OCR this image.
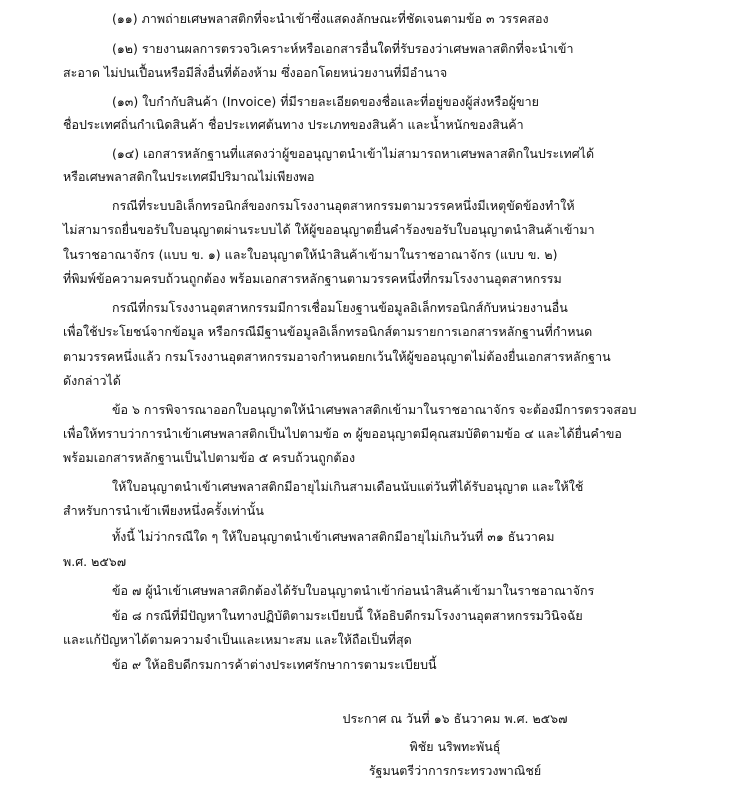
(๑๑) ภาพถ่ายเศษพลาสติกที่จะนำเข้าซึ่งแสดงลักษณะที่ชัดเจนตามข้อ ๓ วรรคสอง
(๑๒) รายงานผลการตรวจวิเคราะห์หรือเอกสารอื่นใดที่รับรองว่าเศษพลาสติกที่จะนำเข้า
สะอาด ไม่ปนเปื้อนหรือมีสิ่งอื่นที่ต้องห้าม ซึ่งออกโดยหน่วยงานที่มีอำนาจ
(๑๓) ใบกำกับสินค้า (Invoice) ที่มีรายละเอียดของชื่อและที่อยู่ของผู้ส่งหรือผู้ขาย
ชื่อประเทศถิ่นกำเนิดสินค้า ชื่อประเทศต้นทาง ประเภทของสินค้า และน้ำหนักของสินค้า
(๑๔) เอกสารหลักฐานที่แสดงว่าผู้ขออนุญาตนำเข้าไม่สามารถหาเศษพลาสติกในประเทศได้
หรือเศษพลาสติกในประเทศมีปริมาณไม่เพียงพอ
กรณีที่ระบบอิเล็กทรอนิกส์ของกรมโรงงานอุตสาหกรรมตามวรรคหนึ่งมีเหตุขัดข้องทำให้
ไม่สามารถยื่นขอรับใบอนุญาตผ่านระบบได้ ให้ผู้ขออนุญาตยื่นคำร้องขอรับใบอนุญาตนำสินค้าเข้ามา
ในราชอาณาจักร (แบบ ข. ๑) และใบอนุญาตให้นำสินค้าเข้ามาในราชอาณาจักร (แบบ ข. ๒)
ที่พิมพ์ข้อความครบถ้วนถูกต้อง พร้อมเอกสารหลักฐานตามวรรคหนึ่งที่กรมโรงงานอุตสาหกรรม
กรณีที่กรมโรงงานอุตสาหกรรมมีการเชื่อมโยงฐานข้อมูลอิเล็กทรอนิกส์กับหน่วยงานอื่น
เพื่อใช้ประโยชน์จากข้อมูล หรือกรณีมีฐานข้อมูลอิเล็กทรอนิกส์ตามรายการเอกสารหลักฐานที่กำหนด
ตามวรรคหนึ่งแล้ว กรมโรงงานอุตสาหกรรมอาจกำหนดยกเว้นให้ผู้ขออนุญาตไม่ต้องยื่นเอกสารหลักฐาน
ดังกล่าวได้
ข้อ ๖ การพิจารณาออกใบอนุญาตให้นำเศษพลาสติกเข้ามาในราชอาณาจักร จะต้องมีการตรวจสอบ
เพื่อให้ทราบว่าการนำเข้าเศษพลาสติกเป็นไปตามข้อ ๓ ผู้ขออนุญาตมีคุณสมบัติตามข้อ ๔ และได้ยื่นคำขอ
พร้อมเอกสารหลักฐานเป็นไปตามข้อ ๕ ครบถ้วนถูกต้อง
ให้ใบอนุญาตนำเข้าเศษพลาสติกมีอายุไม่เกินสามเดือนนับแต่วันที่ได้รับอนุญาต และให้ใช้
สำหรับการนำเข้าเพียงหนึ่งครั้งเท่านั้น
ทั้งนี้ ไม่ว่ากรณีใด ๆ ให้ใบอนุญาตนำเข้าเศษพลาสติกมีอายุไม่เกินวันที่ ๓๑ ธันวาคม
พ.ศ. ๒๕๖๗
ข้อ ๗ ผู้นำเข้าเศษพลาสติกต้องได้รับใบอนุญาตนำเข้าก่อนนำสินค้าเข้ามาในราชอาณาจักร
ข้อ ๘ กรณีที่มีปัญหาในทางปฏิบัติตามระเบียบนี้ ให้อธิบดีกรมโรงงานอุตสาหกรรมวินิจฉัย
และแก้ปัญหาได้ตามความจำเป็นและเหมาะสม และให้ถือเป็นที่สุด
ข้อ ๙ ให้อธิบดีกรมการค้าต่างประเทศรักษาการตามระเบียบนี้
ประกาศ ณ วันที่ ๑๖ ธันวาคม พ.ศ. ๒๕๖๗
พิชัย นริพทะพันธุ์
รัฐมนตรีว่าการกระทรวงพาณิชย์
